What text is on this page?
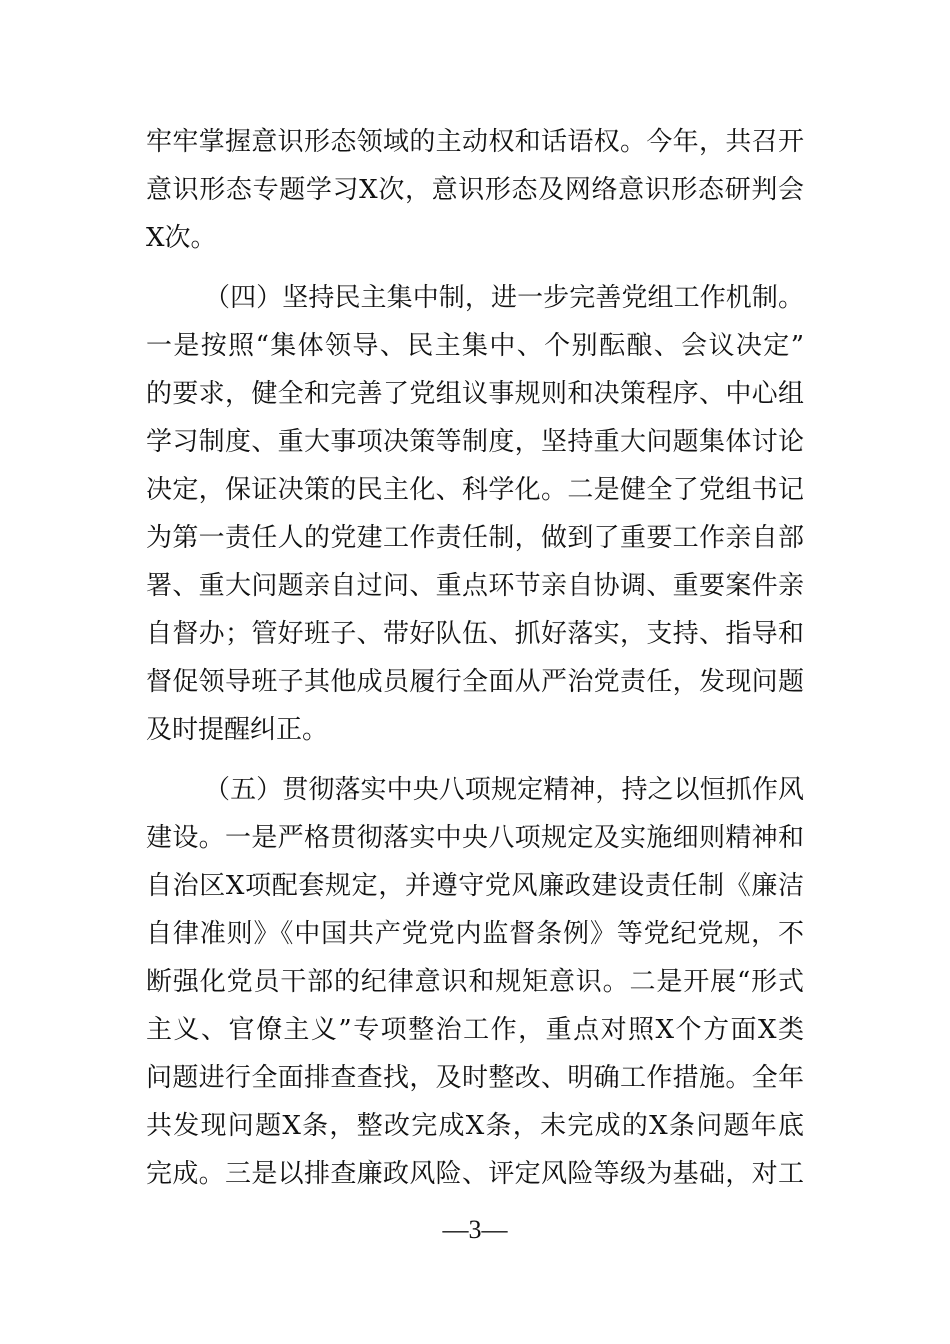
牢牢掌握意识形态领域的主动权和话语权。今年，共召开
意识形态专题学习X次，意识形态及网络意识形态研判会
X次。
（四）坚持民主集中制，进一步完善党组工作机制。
一是按照“集体领导、民主集中、个别酝酿、会议决定”
的要求，健全和完善了党组议事规则和决策程序、中心组
学习制度、重大事项决策等制度，坚持重大问题集体讨论
决定，保证决策的民主化、科学化。二是健全了党组书记
为第一责任人的党建工作责任制，做到了重要工作亲自部
署、重大问题亲自过问、重点环节亲自协调、重要案件亲
自督办；管好班子、带好队伍、抓好落实，支持、指导和
督促领导班子其他成员履行全面从严治党责任，发现问题
及时提醒纠正。
（五）贯彻落实中央八项规定精神，持之以恒抓作风
建设。一是严格贯彻落实中央八项规定及实施细则精神和
自治区X项配套规定，并遵守党风廉政建设责任制《廉洁
自律准则》《中国共产党党内监督条例》等党纪党规，不
断强化党员干部的纪律意识和规矩意识。二是开展“形式
主义、官僚主义”专项整治工作，重点对照X个方面X类
问题进行全面排查查找，及时整改、明确工作措施。全年
共发现问题X条，整改完成X条，未完成的X条问题年底
完成。三是以排查廉政风险、评定风险等级为基础，对工
—3—
